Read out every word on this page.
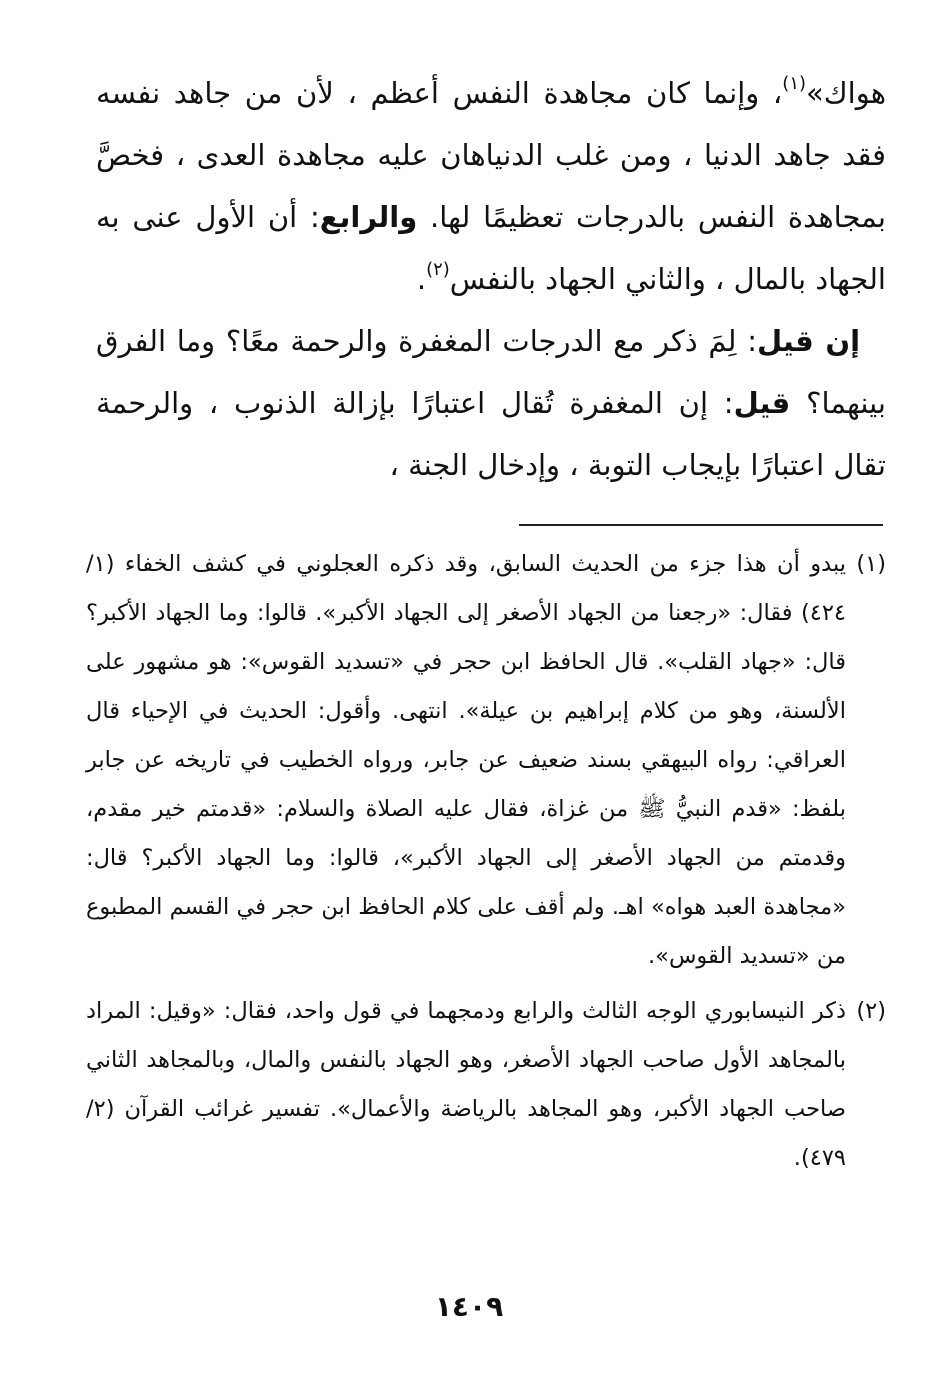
هواك»$^{(١)}$، وإنما كان مجاهدة النفس أعظم ، لأن من جاهد نفسه فقد جاهد الدنيا ، ومن غلب الدنياهان عليه مجاهدة العدى ، فخصَّ بمجاهدة النفس بالدرجات تعظيمًا لها. والرابع: أن الأول عنى به الجهاد بالمال ، والثاني الجهاد بالنفس$^{(٢)}$.

إن قيل: لِمَ ذكر مع الدرجات المغفرة والرحمة معًا؟ وما الفرق بينهما؟ قيل: إن المغفرة تُقال اعتبارًا بإزالة الذنوب ، والرحمة تقال اعتبارًا بإيجاب التوبة ، وإدخال الجنة ،

(١)
يبدو أن هذا جزء من الحديث السابق، وقد ذكره العجلوني في كشف الخفاء (١/ ٤٢٤) فقال: «رجعنا من الجهاد الأصغر إلى الجهاد الأكبر». قالوا: وما الجهاد الأكبر؟ قال: «جهاد القلب». قال الحافظ ابن حجر في «تسديد القوس»: هو مشهور على الألسنة، وهو من كلام إبراهيم بن عيلة». انتهى. وأقول: الحديث في الإحياء قال العراقي: رواه البيهقي بسند ضعيف عن جابر، ورواه الخطيب في تاريخه عن جابر بلفظ: «قدم النبيُّ ﷺ من غزاة، فقال عليه الصلاة والسلام: «قدمتم خير مقدم، وقدمتم من الجهاد الأصغر إلى الجهاد الأكبر»، قالوا: وما الجهاد الأكبر؟ قال: «مجاهدة العبد هواه» اهـ. ولم أقف على كلام الحافظ ابن حجر في القسم المطبوع من «تسديد القوس».

(٢)
ذكر النيسابوري الوجه الثالث والرابع ودمجهما في قول واحد، فقال: «وقيل: المراد بالمجاهد الأول صاحب الجهاد الأصغر، وهو الجهاد بالنفس والمال، وبالمجاهد الثاني صاحب الجهاد الأكبر، وهو المجاهد بالرياضة والأعمال». تفسير غرائب القرآن (٢/ ٤٧٩).

١٤٠٩
